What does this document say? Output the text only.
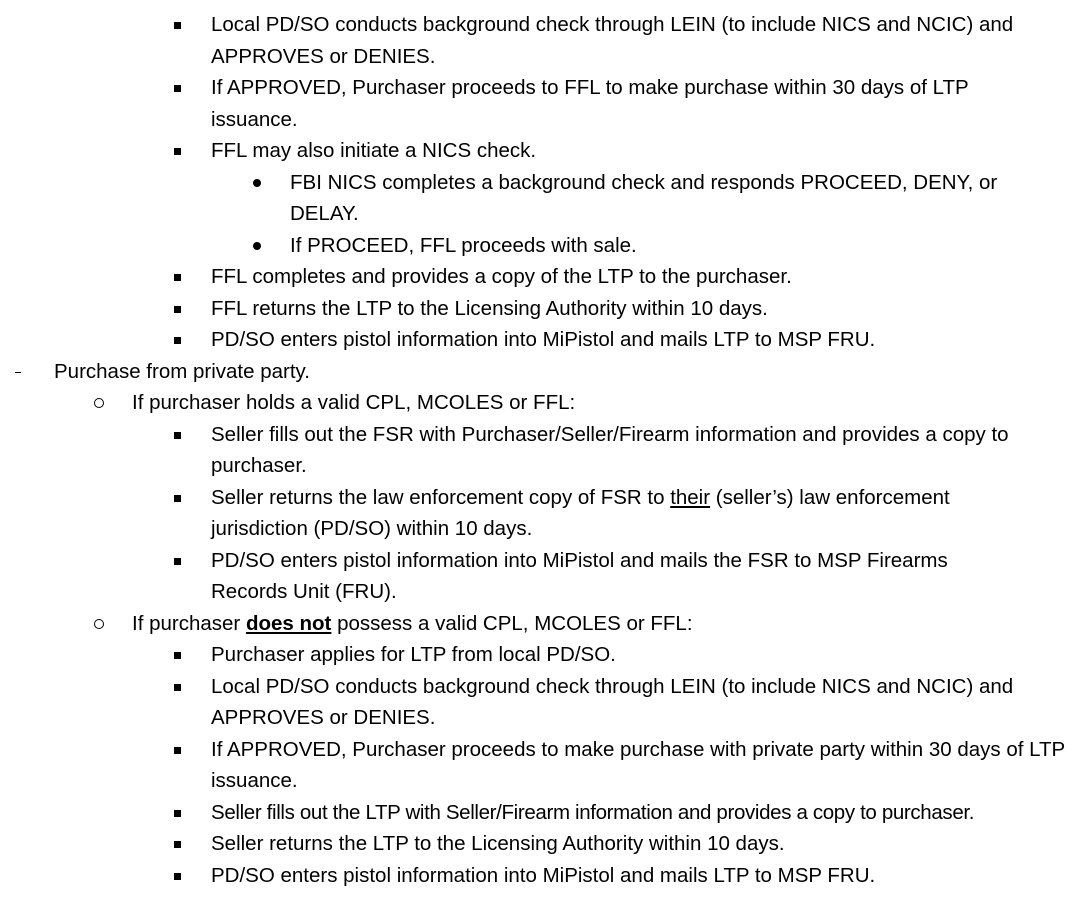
Local PD/SO conducts background check through LEIN (to include NICS and NCIC) and APPROVES or DENIES.
If APPROVED, Purchaser proceeds to FFL to make purchase within 30 days of LTP issuance.
FFL may also initiate a NICS check.
FBI NICS completes a background check and responds PROCEED, DENY, or DELAY.
If PROCEED, FFL proceeds with sale.
FFL completes and provides a copy of the LTP to the purchaser.
FFL returns the LTP to the Licensing Authority within 10 days.
PD/SO enters pistol information into MiPistol and mails LTP to MSP FRU.
Purchase from private party.
If purchaser holds a valid CPL, MCOLES or FFL:
Seller fills out the FSR with Purchaser/Seller/Firearm information and provides a copy to purchaser.
Seller returns the law enforcement copy of FSR to their (seller’s) law enforcement jurisdiction (PD/SO) within 10 days.
PD/SO enters pistol information into MiPistol and mails the FSR to MSP Firearms Records Unit (FRU).
If purchaser does not possess a valid CPL, MCOLES or FFL:
Purchaser applies for LTP from local PD/SO.
Local PD/SO conducts background check through LEIN (to include NICS and NCIC) and APPROVES or DENIES.
If APPROVED, Purchaser proceeds to make purchase with private party within 30 days of LTP issuance.
Seller fills out the LTP with Seller/Firearm information and provides a copy to purchaser.
Seller returns the LTP to the Licensing Authority within 10 days.
PD/SO enters pistol information into MiPistol and mails LTP to MSP FRU.
